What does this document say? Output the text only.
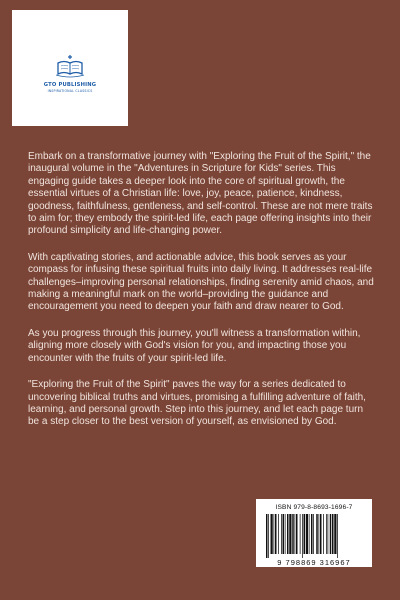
GTO PUBLISHING
INSPIRATIONAL CLASSICS

Embark on a transformative journey with "Exploring the Fruit of the Spirit," the inaugural volume in the "Adventures in Scripture for Kids" series. This engaging guide takes a deeper look into the core of spiritual growth, the essential virtues of a Christian life: love, joy, peace, patience, kindness, goodness, faithfulness, gentleness, and self-control. These are not mere traits to aim for; they embody the spirit-led life, each page offering insights into their profound simplicity and life-changing power.

With captivating stories, and actionable advice, this book serves as your compass for infusing these spiritual fruits into daily living. It addresses real-life challenges–improving personal relationships, finding serenity amid chaos, and making a meaningful mark on the world–providing the guidance and encouragement you need to deepen your faith and draw nearer to God.

As you progress through this journey, you'll witness a transformation within, aligning more closely with God's vision for you, and impacting those you encounter with the fruits of your spirit-led life.

"Exploring the Fruit of the Spirit" paves the way for a series dedicated to uncovering biblical truths and virtues, promising a fulfilling adventure of faith, learning, and personal growth. Step into this journey, and let each page turn be a step closer to the best version of yourself, as envisioned by God.

ISBN 979-8-8693-1696-7
9 798869 316967
